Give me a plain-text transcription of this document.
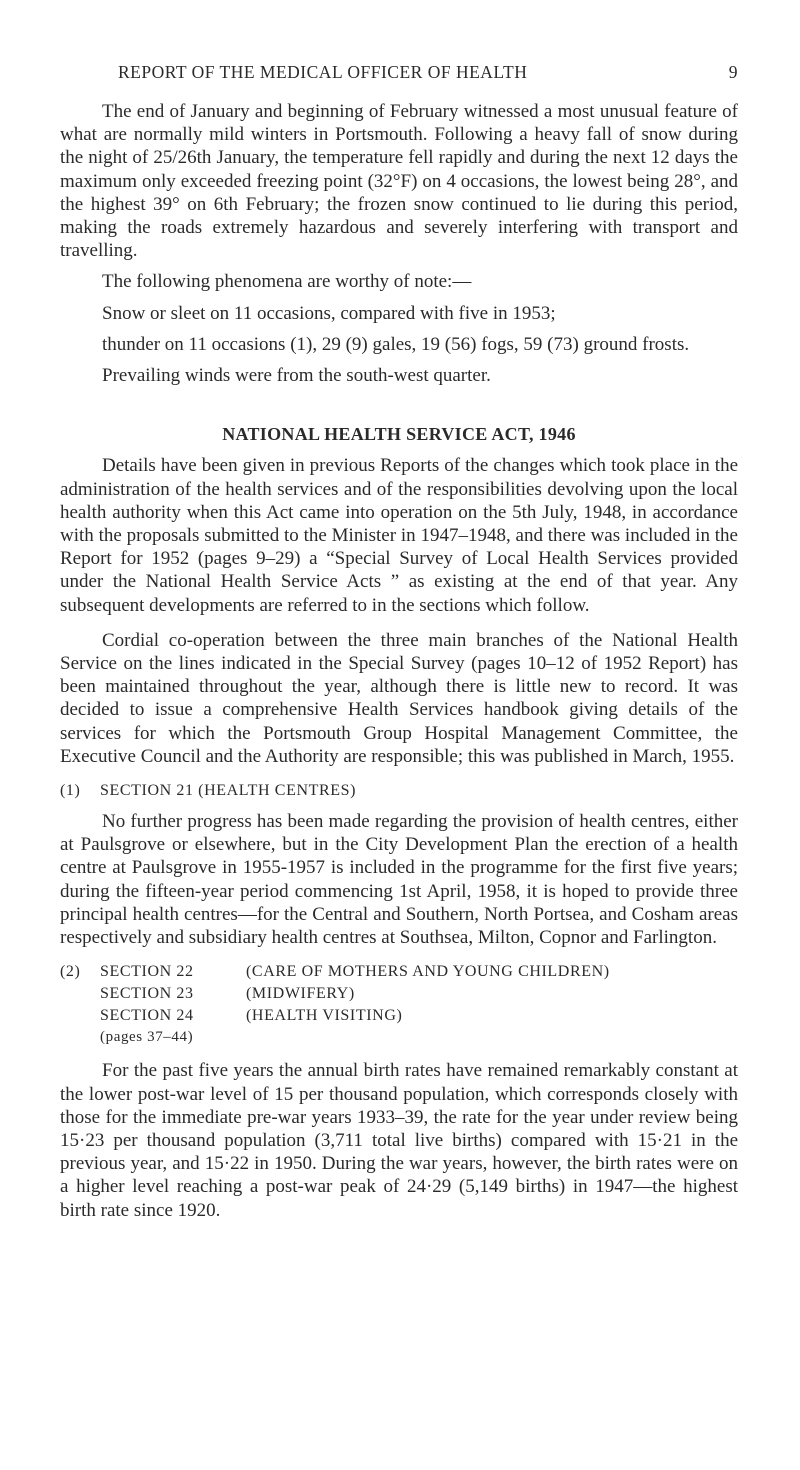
REPORT OF THE MEDICAL OFFICER OF HEALTH	9

The end of January and beginning of February witnessed a most unusual feature of what are normally mild winters in Portsmouth. Following a heavy fall of snow during the night of 25/26th January, the temperature fell rapidly and during the next 12 days the maximum only exceeded freezing point (32°F) on 4 occasions, the lowest being 28°, and the highest 39° on 6th February; the frozen snow continued to lie during this period, making the roads extremely hazardous and severely interfering with transport and travelling.

The following phenomena are worthy of note:—

Snow or sleet on 11 occasions, compared with five in 1953;

thunder on 11 occasions (1), 29 (9) gales, 19 (56) fogs, 59 (73) ground frosts.

Prevailing winds were from the south-west quarter.

NATIONAL HEALTH SERVICE ACT, 1946

Details have been given in previous Reports of the changes which took place in the administration of the health services and of the responsibilities devolving upon the local health authority when this Act came into operation on the 5th July, 1948, in accordance with the proposals submitted to the Minister in 1947–1948, and there was included in the Report for 1952 (pages 9–29) a “Special Survey of Local Health Services provided under the National Health Service Acts ” as existing at the end of that year. Any subsequent developments are referred to in the sections which follow.

Cordial co-operation between the three main branches of the National Health Service on the lines indicated in the Special Survey (pages 10–12 of 1952 Report) has been maintained throughout the year, although there is little new to record. It was decided to issue a comprehensive Health Services handbook giving details of the services for which the Portsmouth Group Hospital Management Committee, the Executive Council and the Authority are responsible; this was published in March, 1955.

(1) SECTION 21 (HEALTH CENTRES)

No further progress has been made regarding the provision of health centres, either at Paulsgrove or elsewhere, but in the City Development Plan the erection of a health centre at Paulsgrove in 1955-1957 is included in the programme for the first five years; during the fifteen-year period commencing 1st April, 1958, it is hoped to provide three principal health centres—for the Central and Southern, North Portsea, and Cosham areas respectively and subsidiary health centres at Southsea, Milton, Copnor and Farlington.

(2)	SECTION 22	(CARE OF MOTHERS AND YOUNG CHILDREN)
SECTION 23	(MIDWIFERY)
SECTION 24	(HEALTH VISITING)
(pages 37–44)

For the past five years the annual birth rates have remained remarkably constant at the lower post-war level of 15 per thousand population, which corresponds closely with those for the immediate pre-war years 1933–39, the rate for the year under review being 15·23 per thousand population (3,711 total live births) compared with 15·21 in the previous year, and 15·22 in 1950. During the war years, however, the birth rates were on a higher level reaching a post-war peak of 24·29 (5,149 births) in 1947—the highest birth rate since 1920.
